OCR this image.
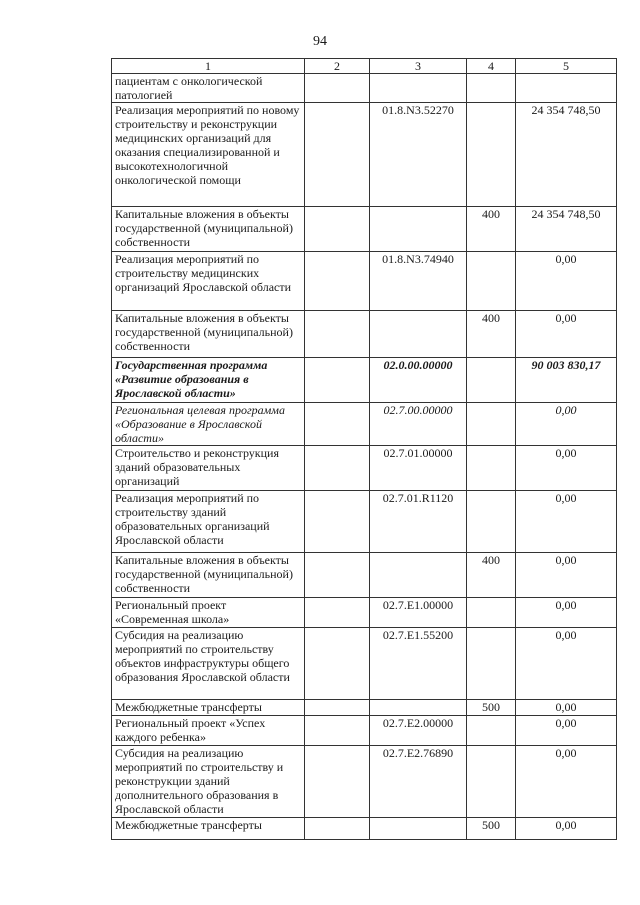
94
1	2	3	4	5
пациентам с онкологической патологией				
Реализация мероприятий по новому строительству и реконструкции медицинских организаций для оказания специализированной и высокотехнологичной онкологической помощи		01.8.N3.52270		24 354 748,50
Капитальные вложения в объекты государственной (муниципальной) собственности			400	24 354 748,50
Реализация мероприятий по строительству медицинских организаций Ярославской области		01.8.N3.74940		0,00
Капитальные вложения в объекты государственной (муниципальной) собственности			400	0,00
Государственная программа «Развитие образования в Ярославской области»		02.0.00.00000		90 003 830,17
Региональная целевая программа «Образование в Ярославской области»		02.7.00.00000		0,00
Строительство и реконструкция зданий образовательных организаций		02.7.01.00000		0,00
Реализация мероприятий по строительству зданий образовательных организаций Ярославской области		02.7.01.R1120		0,00
Капитальные вложения в объекты государственной (муниципальной) собственности			400	0,00
Региональный проект «Современная школа»		02.7.E1.00000		0,00
Субсидия на реализацию мероприятий по строительству объектов инфраструктуры общего образования Ярославской области		02.7.E1.55200		0,00
Межбюджетные трансферты			500	0,00
Региональный проект «Успех каждого ребенка»		02.7.E2.00000		0,00
Субсидия на реализацию мероприятий по строительству и реконструкции зданий дополнительного образования в Ярославской области		02.7.E2.76890		0,00
Межбюджетные трансферты			500	0,00
